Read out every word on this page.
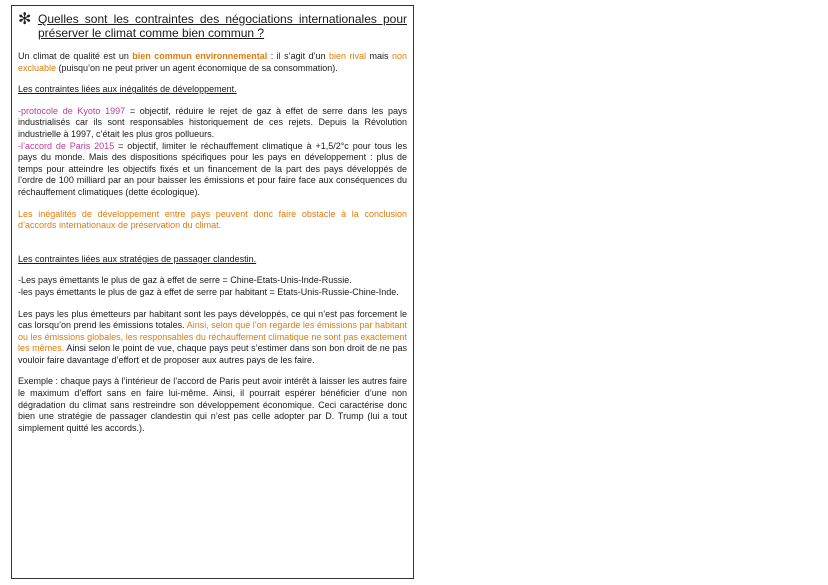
✻ Quelles sont les contraintes des négociations internationales pour préserver le climat comme bien commun ?

Un climat de qualité est un bien commun environnemental : il s’agit d’un bien rival mais non excluable (puisqu’on ne peut priver un agent économique de sa consommation).

Les contraintes liées aux inégalités de développement.

-protocole de Kyoto 1997 = objectif, réduire le rejet de gaz à effet de serre dans les pays industrialisés car ils sont responsables historiquement de ces rejets. Depuis la Révolution industrielle à 1997, c’était les plus gros pollueurs.

-l’accord de Paris 2015 = objectif, limiter le réchauffement climatique à +1,5/2°c pour tous les pays du monde. Mais des dispositions spécifiques pour les pays en développement : plus de temps pour atteindre les objectifs fixés et un financement de la part des pays développés de l’ordre de 100 milliard par an pour baisser les émissions et pour faire face aux conséquences du réchauffement climatiques (dette écologique).

Les inégalités de développement entre pays peuvent donc faire obstacle à la conclusion d’accords internationaux de préservation du climat.

Les contraintes liées aux stratégies de passager clandestin.

-Les pays émettants le plus de gaz à effet de serre = Chine-Etats-Unis-Inde-Russie.

-les pays émettants le plus de gaz à effet de serre par habitant = Etats-Unis-Russie-Chine-Inde.

Les pays les plus émetteurs par habitant sont les pays développés, ce qui n’est pas forcement le cas lorsqu’on prend les émissions totales. Ainsi, selon que l’on regarde les émissions par habitant ou les émissions globales, les responsables du réchauffement climatique ne sont pas exactement les mêmes. Ainsi selon le point de vue, chaque pays peut s’estimer dans son bon droit de ne pas vouloir faire davantage d’effort et de proposer aux autres pays de les faire.

Exemple : chaque pays à l’intérieur de l’accord de Paris peut avoir intérêt à laisser les autres faire le maximum d’effort sans en faire lui-même. Ainsi, il pourrait espérer bénéficier d’une non dégradation du climat sans restreindre son développement économique. Ceci caractérise donc bien une stratégie de passager clandestin qui n’est pas celle adopter par D. Trump (lui a tout simplement quitté les accords.).
